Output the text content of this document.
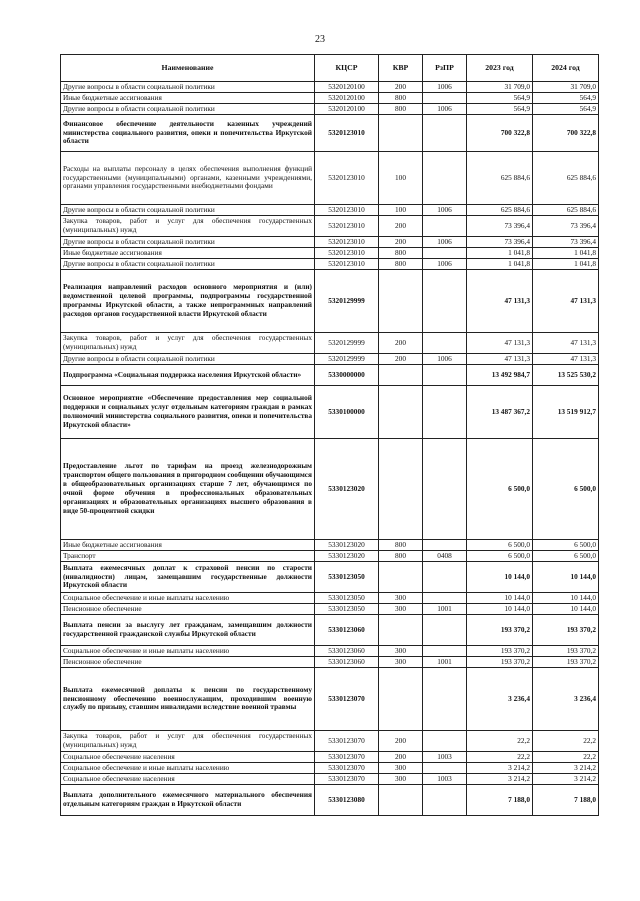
23
Наименование	КЦСР	КВР	РзПР	2023 год	2024 год
Другие вопросы в области социальной политики	5320120100	200	1006	31 709,0	31 709,0
Иные бюджетные ассигнования	5320120100	800		564,9	564,9
Другие вопросы в области социальной политики	5320120100	800	1006	564,9	564,9
Финансовое обеспечение деятельности казенных учреждений министерства социального развития, опеки и попечительства Иркутской области	5320123010			700 322,8	700 322,8
Расходы на выплаты персоналу в целях обеспечения выполнения функций государственными (муниципальными) органами, казенными учреждениями, органами управления государственными внебюджетными фондами	5320123010	100		625 884,6	625 884,6
Другие вопросы в области социальной политики	5320123010	100	1006	625 884,6	625 884,6
Закупка товаров, работ и услуг для обеспечения государственных (муниципальных) нужд	5320123010	200		73 396,4	73 396,4
Другие вопросы в области социальной политики	5320123010	200	1006	73 396,4	73 396,4
Иные бюджетные ассигнования	5320123010	800		1 041,8	1 041,8
Другие вопросы в области социальной политики	5320123010	800	1006	1 041,8	1 041,8
Реализация направлений расходов основного мероприятия и (или) ведомственной целевой программы, подпрограммы государственной программы Иркутской области, а также непрограммных направлений расходов органов государственной власти Иркутской области	5320129999			47 131,3	47 131,3
Закупка товаров, работ и услуг для обеспечения государственных (муниципальных) нужд	5320129999	200		47 131,3	47 131,3
Другие вопросы в области социальной политики	5320129999	200	1006	47 131,3	47 131,3
Подпрограмма «Социальная поддержка населения Иркутской области»	5330000000			13 492 984,7	13 525 530,2
Основное мероприятие «Обеспечение предоставления мер социальной поддержки и социальных услуг отдельным категориям граждан в рамках полномочий министерства социального развития, опеки и попечительства Иркутской области»	5330100000			13 487 367,2	13 519 912,7
Предоставление льгот по тарифам на проезд железнодорожным транспортом общего пользования в пригородном сообщении обучающимся в общеобразовательных организациях старше 7 лет, обучающимся по очной форме обучения в профессиональных образовательных организациях и образовательных организациях высшего образования в виде 50-процентной скидки	5330123020			6 500,0	6 500,0
Иные бюджетные ассигнования	5330123020	800		6 500,0	6 500,0
Транспорт	5330123020	800	0408	6 500,0	6 500,0
Выплата ежемесячных доплат к страховой пенсии по старости (инвалидности) лицам, замещавшим государственные должности Иркутской области	5330123050			10 144,0	10 144,0
Социальное обеспечение и иные выплаты населению	5330123050	300		10 144,0	10 144,0
Пенсионное обеспечение	5330123050	300	1001	10 144,0	10 144,0
Выплата пенсии за выслугу лет гражданам, замещавшим должности государственной гражданской службы Иркутской области	5330123060			193 370,2	193 370,2
Социальное обеспечение и иные выплаты населению	5330123060	300		193 370,2	193 370,2
Пенсионное обеспечение	5330123060	300	1001	193 370,2	193 370,2
Выплата ежемесячной доплаты к пенсии по государственному пенсионному обеспечению военнослужащим, проходившим военную службу по призыву, ставшим инвалидами вследствие военной травмы	5330123070			3 236,4	3 236,4
Закупка товаров, работ и услуг для обеспечения государственных (муниципальных) нужд	5330123070	200		22,2	22,2
Социальное обеспечение населения	5330123070	200	1003	22,2	22,2
Социальное обеспечение и иные выплаты населению	5330123070	300		3 214,2	3 214,2
Социальное обеспечение населения	5330123070	300	1003	3 214,2	3 214,2
Выплата дополнительного ежемесячного материального обеспечения отдельным категориям граждан в Иркутской области	5330123080			7 188,0	7 188,0
